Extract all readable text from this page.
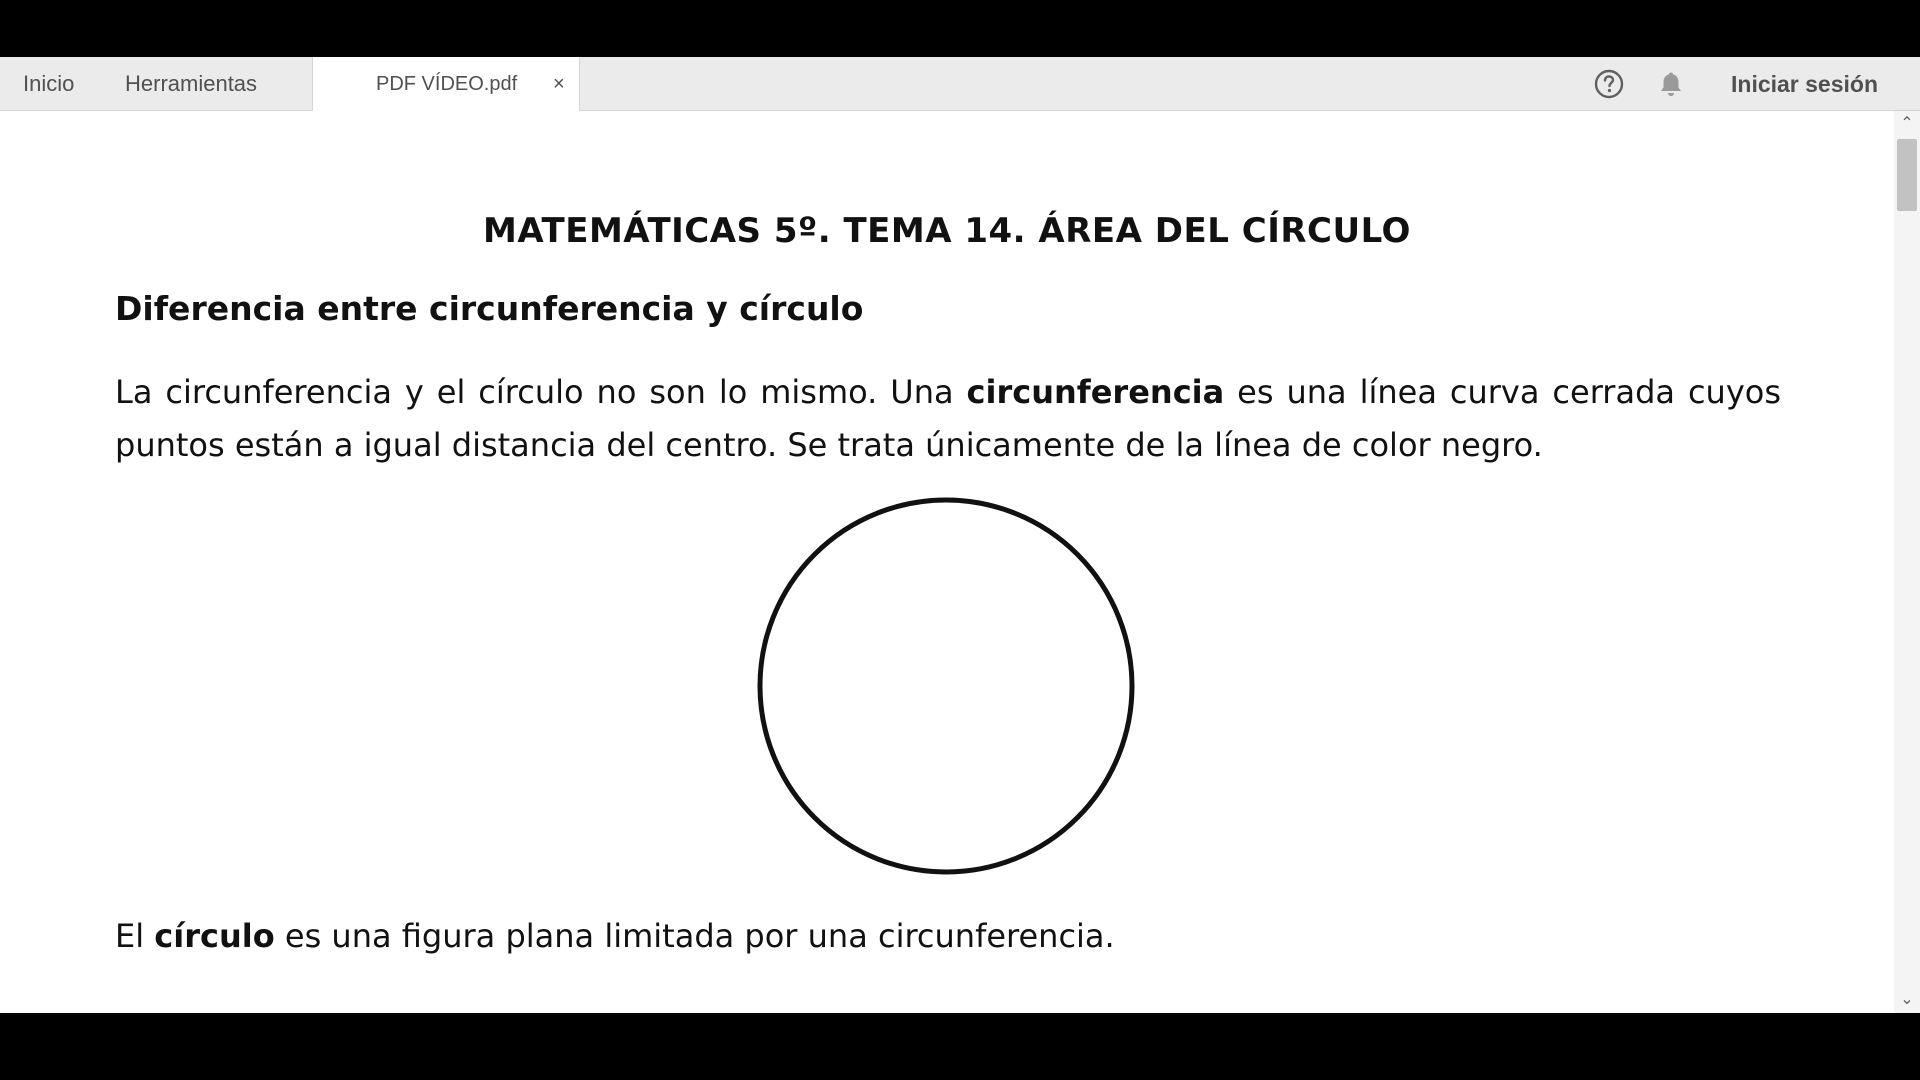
Inicio Herramientas	PDF VÍDEO.pdf ×	Iniciar sesión
MATEMÁTICAS 5º. TEMA 14. ÁREA DEL CÍRCULO
Diferencia entre circunferencia y círculo

La circunferencia y el círculo no son lo mismo. Una circunferencia es una línea curva cerrada cuyos puntos están a igual distancia del centro. Se trata únicamente de la línea de color negro.

El círculo es una figura plana limitada por una circunferencia.

⌃
⌄
